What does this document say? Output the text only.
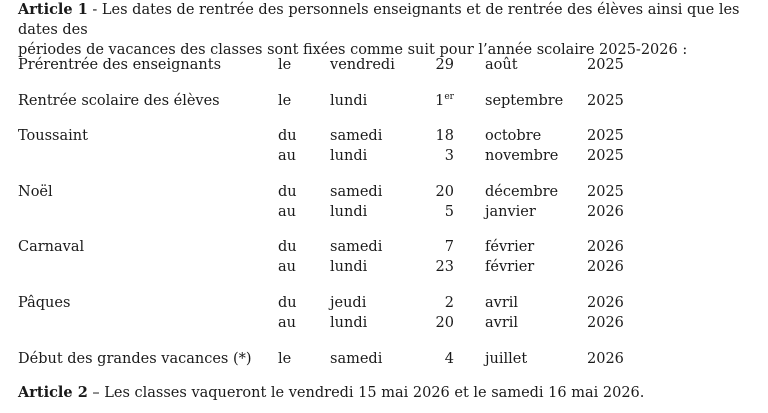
Article 1 - Les dates de rentrée des personnels enseignants et de rentrée des élèves ainsi que les dates des
périodes de vacances des classes sont fixées comme suit pour l’année scolaire 2025-2026 :
Prérentrée des enseignants	le	vendredi	29 août	2025
Rentrée scolaire des élèves	le	lundi	1er septembre 2025
Toussaint	du samedi	18 octobre	2025
au lundi	3 novembre 2025
Noël	du samedi	20 décembre 2025
au lundi	5 janvier	2026
Carnaval	du samedi	7 février	2026
au lundi	23 février	2026
Pâques	du jeudi	2 avril	2026
au lundi	20 avril	2026
Début des grandes vacances (*) le	samedi	4 juillet	2026
Article 2 – Les classes vaqueront le vendredi 15 mai 2026 et le samedi 16 mai 2026.
